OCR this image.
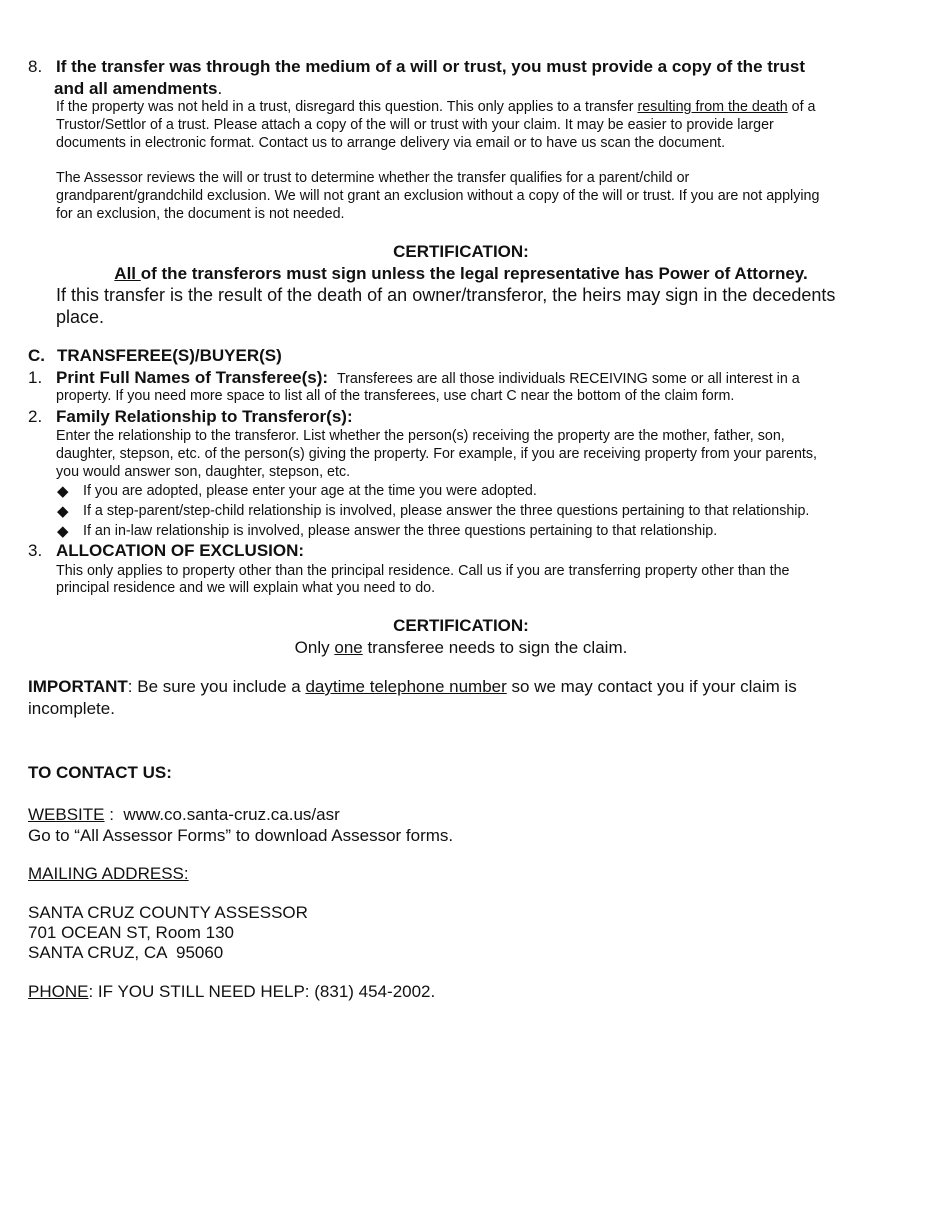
8. If the transfer was through the medium of a will or trust, you must provide a copy of the trust
and all amendments.
If the property was not held in a trust, disregard this question. This only applies to a transfer resulting from the death of a
Trustor/Settlor of a trust. Please attach a copy of the will or trust with your claim. It may be easier to provide larger
documents in electronic format. Contact us to arrange delivery via email or to have us scan the document.
The Assessor reviews the will or trust to determine whether the transfer qualifies for a parent/child or
grandparent/grandchild exclusion. We will not grant an exclusion without a copy of the will or trust. If you are not applying
for an exclusion, the document is not needed.
CERTIFICATION:
All of the transferors must sign unless the legal representative has Power of Attorney.
If this transfer is the result of the death of an owner/transferor, the heirs may sign in the decedents
place.
C. TRANSFEREE(S)/BUYER(S)
1. Print Full Names of Transferee(s): Transferees are all those individuals RECEIVING some or all interest in a
property. If you need more space to list all of the transferees, use chart C near the bottom of the claim form.
2. Family Relationship to Transferor(s):
Enter the relationship to the transferor. List whether the person(s) receiving the property are the mother, father, son,
daughter, stepson, etc. of the person(s) giving the property. For example, if you are receiving property from your parents,
you would answer son, daughter, stepson, etc.
◆ If you are adopted, please enter your age at the time you were adopted.
◆ If a step-parent/step-child relationship is involved, please answer the three questions pertaining to that relationship.
◆ If an in-law relationship is involved, please answer the three questions pertaining to that relationship.
3. ALLOCATION OF EXCLUSION:
This only applies to property other than the principal residence. Call us if you are transferring property other than the
principal residence and we will explain what you need to do.
CERTIFICATION:
Only one transferee needs to sign the claim.
IMPORTANT: Be sure you include a daytime telephone number so we may contact you if your claim is
incomplete.
TO CONTACT US:
WEBSITE :  www.co.santa-cruz.ca.us/asr
Go to “All Assessor Forms” to download Assessor forms.
MAILING ADDRESS:
SANTA CRUZ COUNTY ASSESSOR
701 OCEAN ST, Room 130
SANTA CRUZ, CA  95060
PHONE: IF YOU STILL NEED HELP: (831) 454-2002.
